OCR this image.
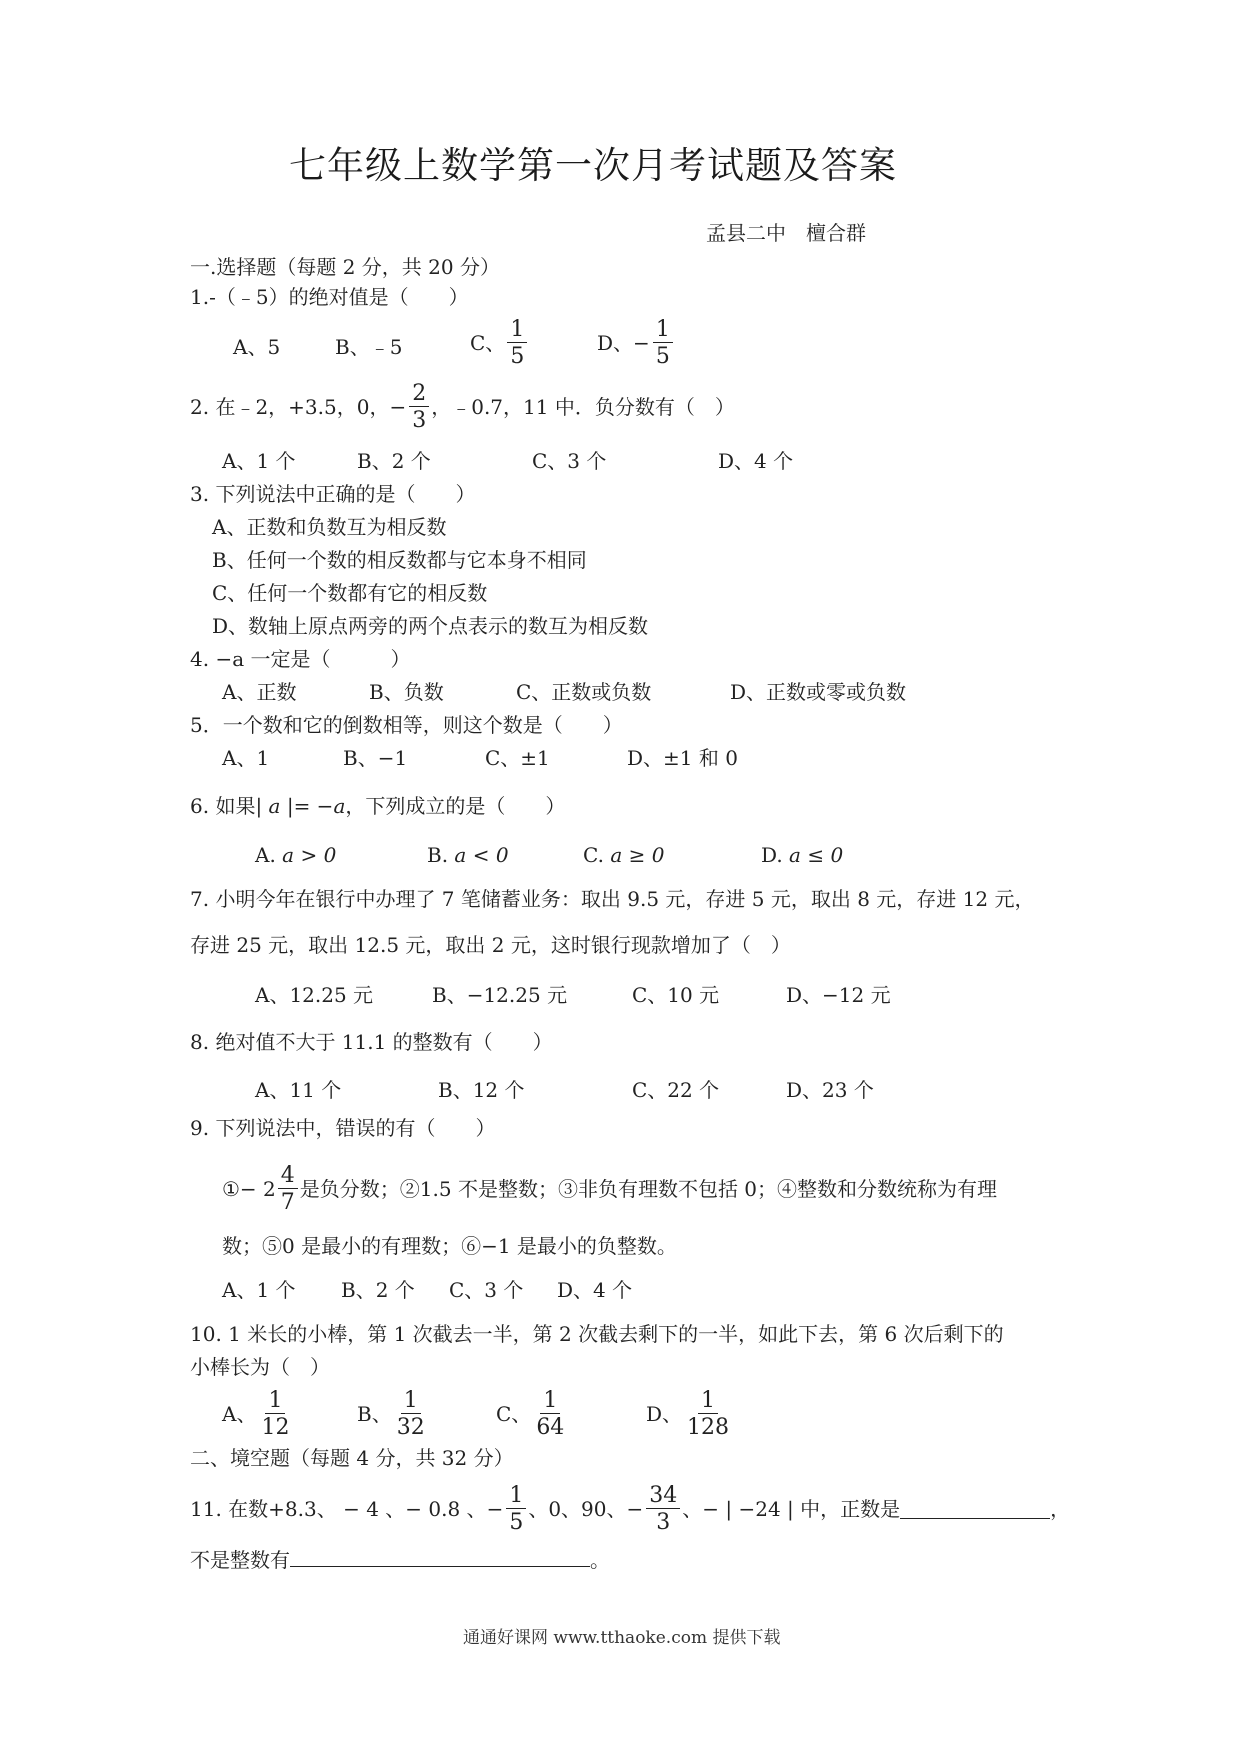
七年级上数学第一次月考试题及答案
孟县二中 檀合群
一.选择题（每题 2 分，共 20 分）
1.-（﹣5）的绝对值是（　　）
A、5	B、﹣5	C、 $\frac{1}{5}$	D、 − $\frac{1}{5}$
2. 在﹣2，+3.5，0， − $\frac{2}{3}$ ，﹣0.7，11 中．负分数有（　）
A、1 个	B、2 个	C、3 个	D、4 个
3. 下列说法中正确的是（　　）
A、正数和负数互为相反数
B、任何一个数的相反数都与它本身不相同
C、任何一个数都有它的相反数
D、数轴上原点两旁的两个点表示的数互为相反数
4. −a 一定是（　　　）
A、正数	B、负数	C、正数或负数	D、正数或零或负数
5．一个数和它的倒数相等，则这个数是（　　）
A、1	B、−1	C、±1	D、±1 和 0
6. 如果| a |= −a，下列成立的是（　　）
A. a > 0	B. a < 0	C. a ≥ 0	D. a ≤ 0
7. 小明今年在银行中办理了 7 笔储蓄业务：取出 9.5 元，存进 5 元，取出 8 元，存进 12 元，
存进 25 元，取出 12.5 元，取出 2 元，这时银行现款增加了（　）
A、12.25 元	B、−12.25 元	C、10 元	D、−12 元
8. 绝对值不大于 11.1 的整数有（　　）
A、11 个	B、12 个	C、22 个	D、23 个
9. 下列说法中，错误的有（　　）
①− $2 \frac{4}{7}$ 是负分数；②1.5 不是整数；③非负有理数不包括 0；④整数和分数统称为有理
数；⑤0 是最小的有理数；⑥−1 是最小的负整数。
A、1 个 B、2 个 C、3 个 D、4 个
10. 1 米长的小棒，第 1 次截去一半，第 2 次截去剩下的一半，如此下去，第 6 次后剩下的
小棒长为（　）
A、 $\frac{1}{12}$	B、 $\frac{1}{32}$	C、 $\frac{1}{64}$	D、 $\frac{1}{128}$
二、境空题（每题 4 分，共 32 分）
11. 在数+8.3、 − 4 、− 0.8 、 − $\frac{1}{5}$ 、0、90、 − $\frac{34}{3}$ 、− | −24 | 中，正数是	，
不是整数有	。
通通好课网 www.tthaoke.com 提供下载
